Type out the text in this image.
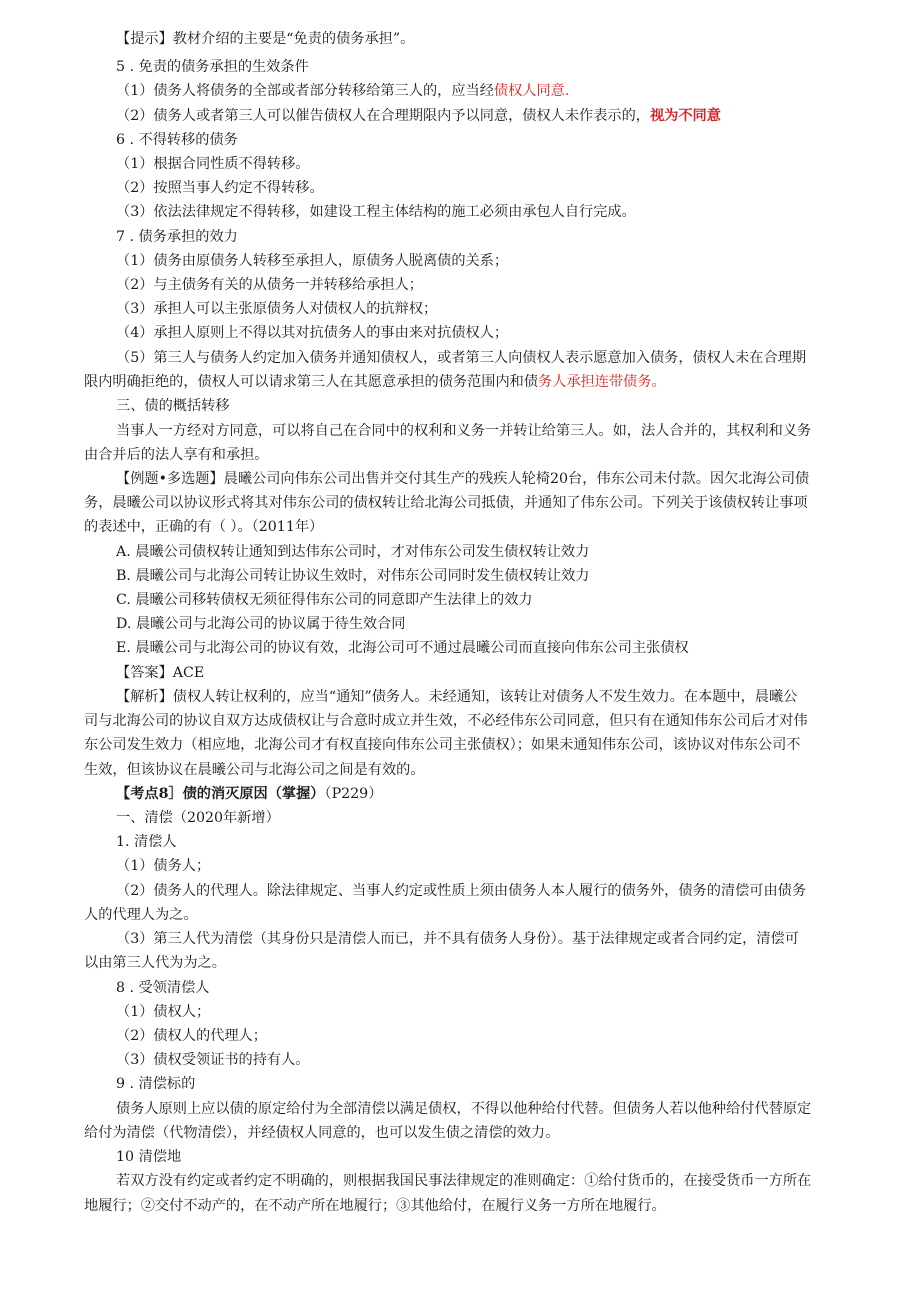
【提示】教材介绍的主要是“免责的债务承担”。
5 . 免责的债务承担的生效条件
（1）债务人将债务的全部或者部分转移给第三人的，应当经债权人同意.
（2）债务人或者第三人可以催告债权人在合理期限内予以同意，债权人未作表示的，视为不同意
6 . 不得转移的债务
（1）根据合同性质不得转移。
（2）按照当事人约定不得转移。
（3）依法法律规定不得转移，如建设工程主体结构的施工必须由承包人自行完成。
7 . 债务承担的效力
（1）债务由原债务人转移至承担人，原债务人脱离债的关系；
（2）与主债务有关的从债务一并转移给承担人；
（3）承担人可以主张原债务人对债权人的抗辩权；
（4）承担人原则上不得以其对抗债务人的事由来对抗债权人；
（5）第三人与债务人约定加入债务并通知债权人，或者第三人向债权人表示愿意加入债务，债权人未在合理期
限内明确拒绝的，债权人可以请求第三人在其愿意承担的债务范围内和债务人承担连带债务。
三、债的概括转移
当事人一方经对方同意，可以将自己在合同中的权利和义务一并转让给第三人。如，法人合并的，其权利和义务
由合并后的法人享有和承担。
【例题•多选题】晨曦公司向伟东公司出售并交付其生产的残疾人轮椅20台，伟东公司未付款。因欠北海公司债
务，晨曦公司以协议形式将其对伟东公司的债权转让给北海公司抵债，并通知了伟东公司。下列关于该债权转让事项
的表述中，正确的有（ ）。（2011年）
A. 晨曦公司债权转让通知到达伟东公司时，才对伟东公司发生债权转让效力
B. 晨曦公司与北海公司转让协议生效时，对伟东公司同时发生债权转让效力
C. 晨曦公司移转债权无须征得伟东公司的同意即产生法律上的效力
D. 晨曦公司与北海公司的协议属于待生效合同
E. 晨曦公司与北海公司的协议有效，北海公司可不通过晨曦公司而直接向伟东公司主张债权
【答案】ACE
【解析】债权人转让权利的，应当“通知”债务人。未经通知，该转让对债务人不发生效力。在本题中，晨曦公
司与北海公司的协议自双方达成债权让与合意时成立并生效，不必经伟东公司同意，但只有在通知伟东公司后才对伟
东公司发生效力（相应地，北海公司才有权直接向伟东公司主张债权）；如果未通知伟东公司，该协议对伟东公司不
生效，但该协议在晨曦公司与北海公司之间是有效的。
【考点8］债的消灭原因（掌握）（P229）
一、清偿（2020年新增）
1. 清偿人
（1）债务人；
（2）债务人的代理人。除法律规定、当事人约定或性质上须由债务人本人履行的债务外，债务的清偿可由债务
人的代理人为之。
（3）第三人代为清偿（其身份只是清偿人而已，并不具有债务人身份）。基于法律规定或者合同约定，清偿可
以由第三人代为为之。
8 . 受领清偿人
（1）债权人；
（2）债权人的代理人；
（3）债权受领证书的持有人。
9 . 清偿标的
债务人原则上应以债的原定给付为全部清偿以满足债权，不得以他种给付代替。但债务人若以他种给付代替原定
给付为清偿（代物清偿），并经债权人同意的，也可以发生债之清偿的效力。
10 清偿地
若双方没有约定或者约定不明确的，则根据我国民事法律规定的准则确定：①给付货币的，在接受货币一方所在
地履行；②交付不动产的，在不动产所在地履行；③其他给付，在履行义务一方所在地履行。
